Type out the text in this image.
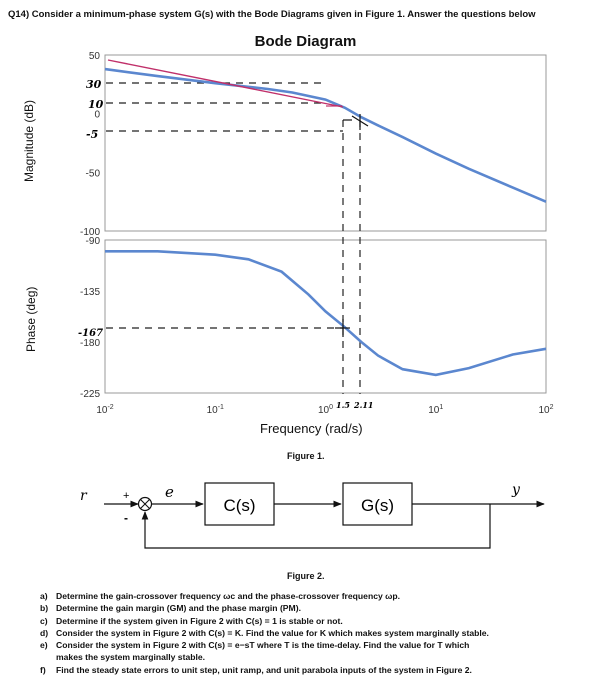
Q14) Consider a minimum-phase system G(s) with the Bode Diagrams given in Figure 1. Answer the questions below
Bode Diagram
Magnitude (dB)
Phase (deg)
50
0
-50
-100
-90
-135
-180
-225
$10^{-2}$	$10^{-1}$	$10^0$	$10^1$	$10^2$
30
10
-5
-167
1.5 2.11
Frequency (rad/s)
Figure 1.
r	+
-
e
C(s)	G(s)
y
Figure 2.
a) Determine the gain-crossover frequency ωc and the phase-crossover frequency ωp.
b) Determine the gain margin (GM) and the phase margin (PM).
c) Determine if the system given in Figure 2 with C(s) = 1 is stable or not.
d) Consider the system in Figure 2 with C(s) = K. Find the value for K which makes system marginally stable.
e) Consider the system in Figure 2 with C(s) = e−sT where T is the time-delay. Find the value for T which
makes the system marginally stable.
f)	Find the steady state errors to unit step, unit ramp, and unit parabola inputs of the system in Figure 2.
